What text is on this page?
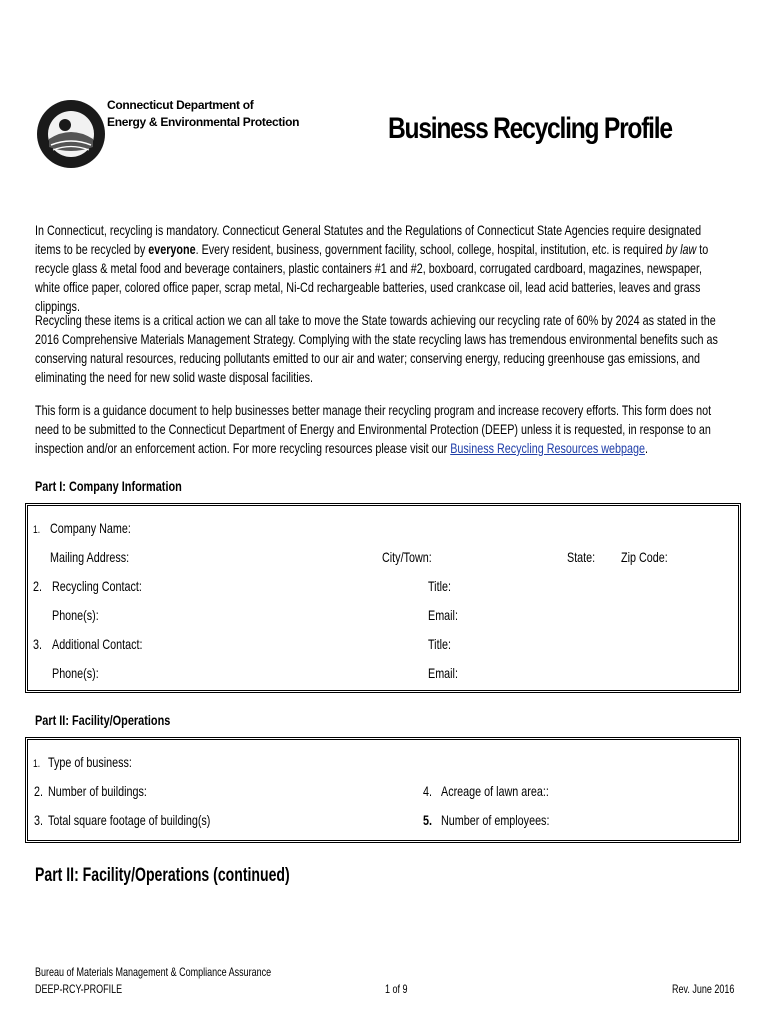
Connecticut Department of
Energy & Environmental Protection	Business Recycling Profile
In Connecticut, recycling is mandatory. Connecticut General Statutes and the Regulations of Connecticut State Agencies require designated items to be recycled by everyone. Every resident, business, government facility, school, college, hospital, institution, etc. is required by law to recycle glass & metal food and beverage containers, plastic containers #1 and #2, boxboard, corrugated cardboard, magazines, newspaper, white office paper, colored office paper, scrap metal, Ni-Cd rechargeable batteries, used crankcase oil, lead acid batteries, leaves and grass clippings.
Recycling these items is a critical action we can all take to move the State towards achieving our recycling rate of 60% by 2024 as stated in the 2016 Comprehensive Materials Management Strategy. Complying with the state recycling laws has tremendous environmental benefits such as conserving natural resources, reducing pollutants emitted to our air and water; conserving energy, reducing greenhouse gas emissions, and eliminating the need for new solid waste disposal facilities.
This form is a guidance document to help businesses better manage their recycling program and increase recovery efforts. This form does not need to be submitted to the Connecticut Department of Energy and Environmental Protection (DEEP) unless it is requested, in response to an inspection and/or an enforcement action. For more recycling resources please visit our Business Recycling Resources webpage.
Part I: Company Information
1. Company Name:
Mailing Address:	City/Town:	State: Zip Code:
2. Recycling Contact:	Title:
Phone(s):	Email:
3. Additional Contact:	Title:
Phone(s):	Email:
Part II: Facility/Operations
1. Type of business:
2. Number of buildings:	4. Acreage of lawn area::
3. Total square footage of building(s)	5. Number of employees:
Part II: Facility/Operations (continued)
Bureau of Materials Management & Compliance Assurance
DEEP-RCY-PROFILE	1 of 9	Rev. June 2016
